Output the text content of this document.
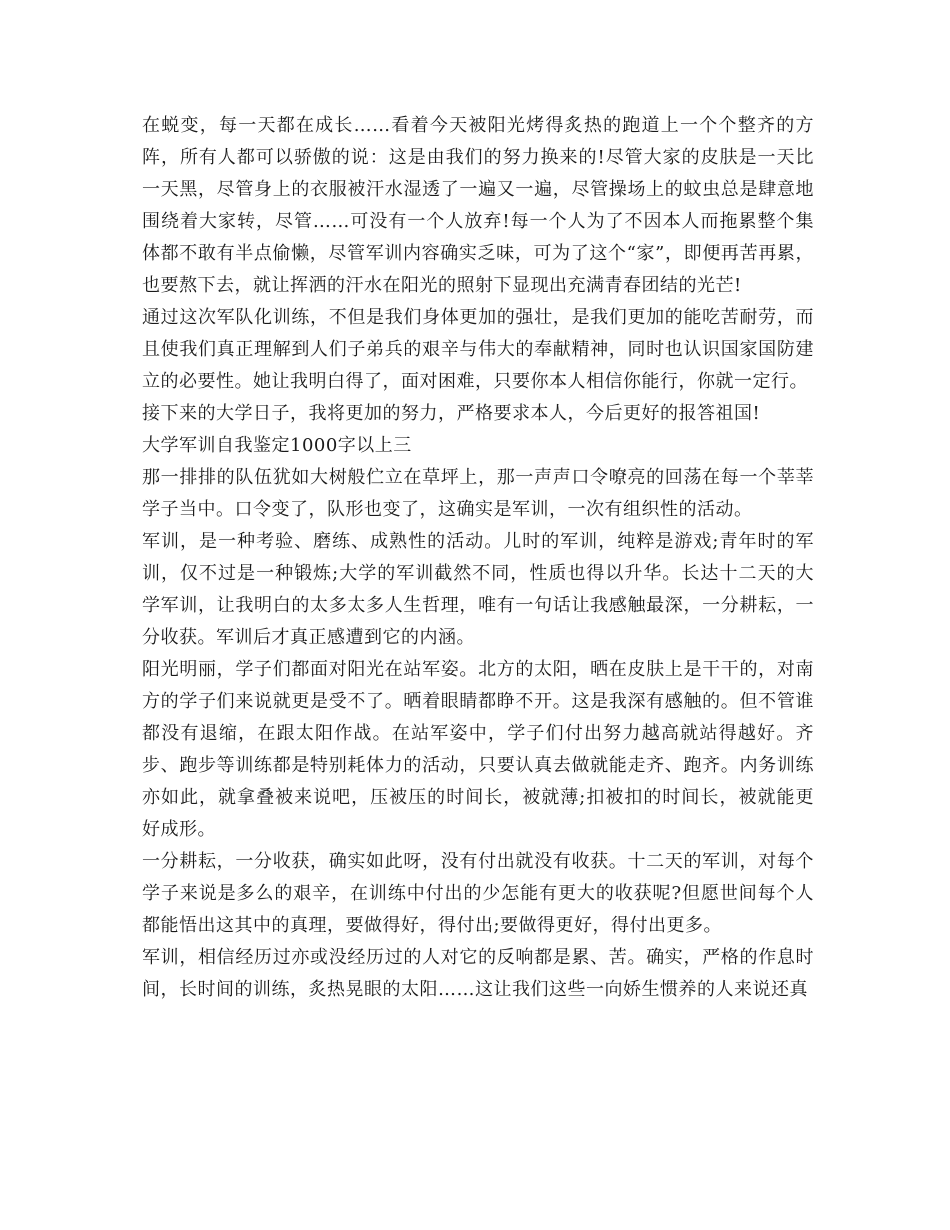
在蜕变，每一天都在成长……看着今天被阳光烤得炙热的跑道上一个个整齐的方阵，所有人都可以骄傲的说：这是由我们的努力换来的!尽管大家的皮肤是一天比一天黑，尽管身上的衣服被汗水湿透了一遍又一遍，尽管操场上的蚊虫总是肆意地围绕着大家转，尽管……可没有一个人放弃!每一个人为了不因本人而拖累整个集体都不敢有半点偷懒，尽管军训内容确实乏味，可为了这个“家”，即便再苦再累，也要熬下去，就让挥洒的汗水在阳光的照射下显现出充满青春团结的光芒!

通过这次军队化训练，不但是我们身体更加的强壮，是我们更加的能吃苦耐劳，而且使我们真正理解到人们子弟兵的艰辛与伟大的奉献精神，同时也认识国家国防建立的必要性。她让我明白得了，面对困难，只要你本人相信你能行，你就一定行。

接下来的大学日子，我将更加的努力，严格要求本人，今后更好的报答祖国!

大学军训自我鉴定1000字以上三

那一排排的队伍犹如大树般伫立在草坪上，那一声声口令嘹亮的回荡在每一个莘莘学子当中。口令变了，队形也变了，这确实是军训，一次有组织性的活动。

军训，是一种考验、磨练、成熟性的活动。儿时的军训，纯粹是游戏;青年时的军训，仅不过是一种锻炼;大学的军训截然不同，性质也得以升华。长达十二天的大学军训，让我明白的太多太多人生哲理，唯有一句话让我感触最深，一分耕耘，一分收获。军训后才真正感遭到它的内涵。

阳光明丽，学子们都面对阳光在站军姿。北方的太阳，晒在皮肤上是干干的，对南方的学子们来说就更是受不了。晒着眼睛都睁不开。这是我深有感触的。但不管谁都没有退缩，在跟太阳作战。在站军姿中，学子们付出努力越高就站得越好。齐步、跑步等训练都是特别耗体力的活动，只要认真去做就能走齐、跑齐。内务训练亦如此，就拿叠被来说吧，压被压的时间长，被就薄;扣被扣的时间长，被就能更好成形。

一分耕耘，一分收获，确实如此呀，没有付出就没有收获。十二天的军训，对每个学子来说是多么的艰辛，在训练中付出的少怎能有更大的收获呢?但愿世间每个人都能悟出这其中的真理，要做得好，得付出;要做得更好，得付出更多。

军训，相信经历过亦或没经历过的人对它的反响都是累、苦。确实，严格的作息时间，长时间的训练，炙热晃眼的太阳……这让我们这些一向娇生惯养的人来说还真
